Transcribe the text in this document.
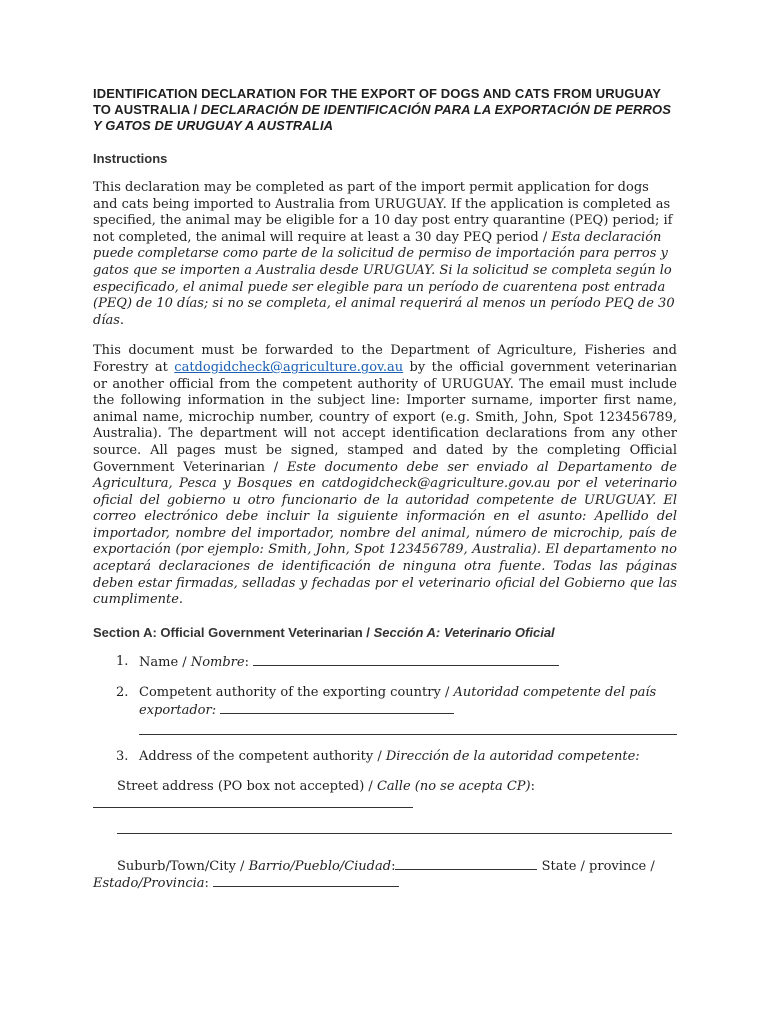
IDENTIFICATION DECLARATION FOR THE EXPORT OF DOGS AND CATS FROM URUGUAY TO AUSTRALIA / DECLARACIÓN DE IDENTIFICACIÓN PARA LA EXPORTACIÓN DE PERROS Y GATOS DE URUGUAY A AUSTRALIA
Instructions

This declaration may be completed as part of the import permit application for dogs and cats being imported to Australia from URUGUAY. If the application is completed as specified, the animal may be eligible for a 10 day post entry quarantine (PEQ) period; if not completed, the animal will require at least a 30 day PEQ period / Esta declaración puede completarse como parte de la solicitud de permiso de importación para perros y gatos que se importen a Australia desde URUGUAY. Si la solicitud se completa según lo especificado, el animal puede ser elegible para un período de cuarentena post entrada (PEQ) de 10 días; si no se completa, el animal requerirá al menos un período PEQ de 30 días.

This document must be forwarded to the Department of Agriculture, Fisheries and Forestry at catdogidcheck@agriculture.gov.au by the official government veterinarian or another official from the competent authority of URUGUAY. The email must include the following information in the subject line: Importer surname, importer first name, animal name, microchip number, country of export (e.g. Smith, John, Spot 123456789, Australia). The department will not accept identification declarations from any other source. All pages must be signed, stamped and dated by the completing Official Government Veterinarian / Este documento debe ser enviado al Departamento de Agricultura, Pesca y Bosques en catdogidcheck@agriculture.gov.au por el veterinario oficial del gobierno u otro funcionario de la autoridad competente de URUGUAY. El correo electrónico debe incluir la siguiente información en el asunto: Apellido del importador, nombre del importador, nombre del animal, número de microchip, país de exportación (por ejemplo: Smith, John, Spot 123456789, Australia). El departamento no aceptará declaraciones de identificación de ninguna otra fuente. Todas las páginas deben estar firmadas, selladas y fechadas por el veterinario oficial del Gobierno que las cumplimente.

Section A: Official Government Veterinarian / Sección A: Veterinario Oficial
1. Name / Nombre:
2. Competent authority of the exporting country / Autoridad competente del país exportador:
3. Address of the competent authority / Dirección de la autoridad competente:

Street address (PO box not accepted) / Calle (no se acepta CP):

Suburb/Town/City / Barrio/Pueblo/Ciudad:	State / province / Estado/Provincia:
